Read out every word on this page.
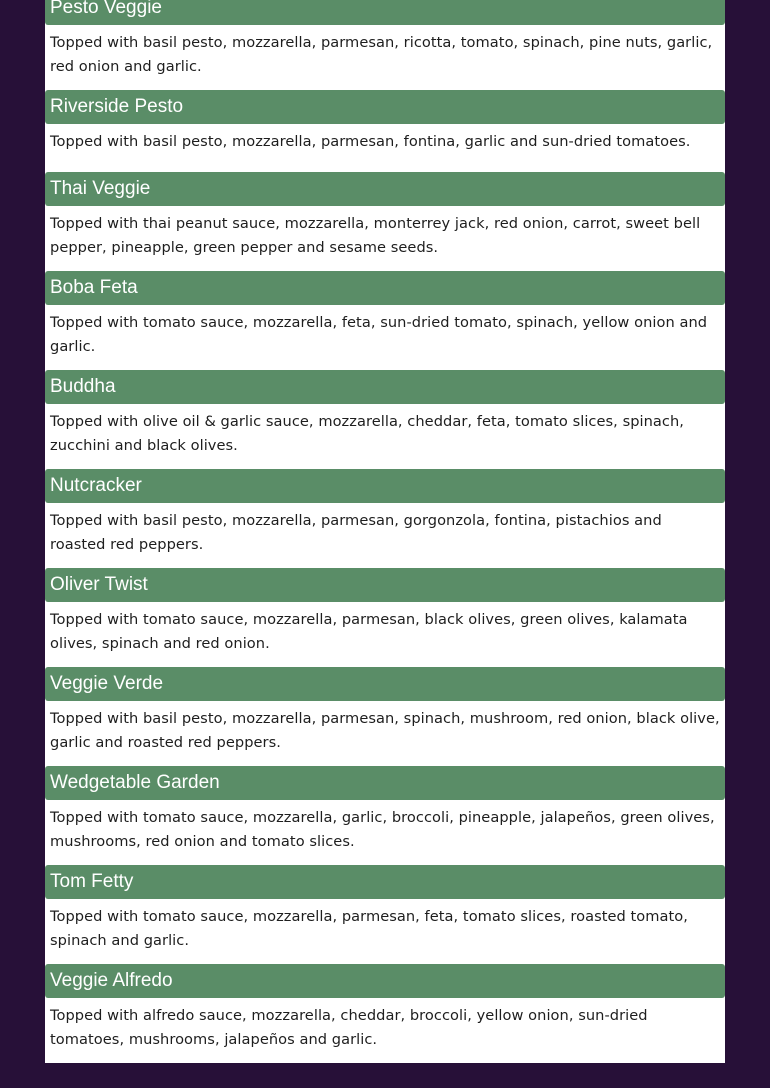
Pesto Veggie
Topped with basil pesto, mozzarella, parmesan, ricotta, tomato, spinach, pine nuts, garlic, red onion and garlic.
Riverside Pesto
Topped with basil pesto, mozzarella, parmesan, fontina, garlic and sun-dried tomatoes.
Thai Veggie
Topped with thai peanut sauce, mozzarella, monterrey jack, red onion, carrot, sweet bell pepper, pineapple, green pepper and sesame seeds.
Boba Feta
Topped with tomato sauce, mozzarella, feta, sun-dried tomato, spinach, yellow onion and garlic.
Buddha
Topped with olive oil & garlic sauce, mozzarella, cheddar, feta, tomato slices, spinach, zucchini and black olives.
Nutcracker
Topped with basil pesto, mozzarella, parmesan, gorgonzola, fontina, pistachios and roasted red peppers.
Oliver Twist
Topped with tomato sauce, mozzarella, parmesan, black olives, green olives, kalamata olives, spinach and red onion.
Veggie Verde
Topped with basil pesto, mozzarella, parmesan, spinach, mushroom, red onion, black olive, garlic and roasted red peppers.
Wedgetable Garden
Topped with tomato sauce, mozzarella, garlic, broccoli, pineapple, jalapeños, green olives, mushrooms, red onion and tomato slices.
Tom Fetty
Topped with tomato sauce, mozzarella, parmesan, feta, tomato slices, roasted tomato, spinach and garlic.
Veggie Alfredo
Topped with alfredo sauce, mozzarella, cheddar, broccoli, yellow onion, sun-dried tomatoes, mushrooms, jalapeños and garlic.
